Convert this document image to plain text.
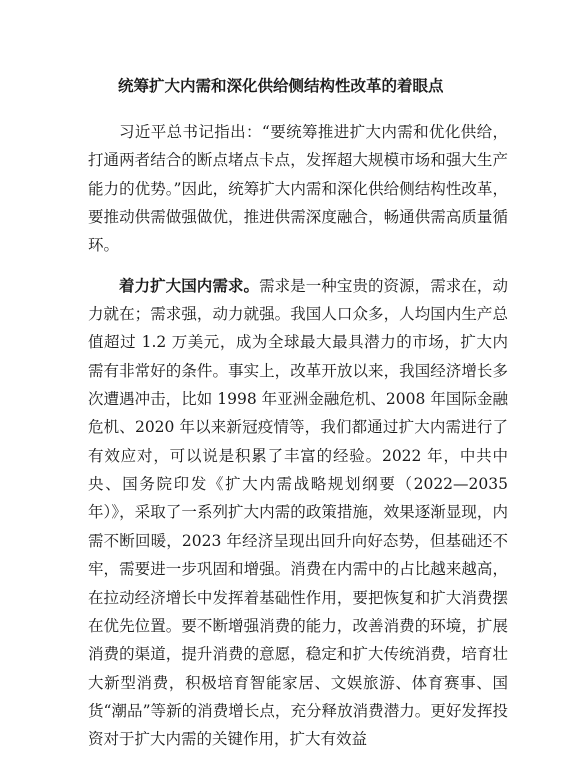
统筹扩大内需和深化供给侧结构性改革的着眼点

习近平总书记指出：“要统筹推进扩大内需和优化供给，打通两者结合的断点堵点卡点，发挥超大规模市场和强大生产能力的优势。”因此，统筹扩大内需和深化供给侧结构性改革，要推动供需做强做优，推进供需深度融合，畅通供需高质量循环。

着力扩大国内需求。需求是一种宝贵的资源，需求在，动力就在；需求强，动力就强。我国人口众多，人均国内生产总值超过 1.2 万美元，成为全球最大最具潜力的市场，扩大内需有非常好的条件。事实上，改革开放以来，我国经济增长多次遭遇冲击，比如 1998 年亚洲金融危机、2008 年国际金融危机、2020 年以来新冠疫情等，我们都通过扩大内需进行了有效应对，可以说是积累了丰富的经验。2022 年，中共中央、国务院印发《扩大内需战略规划纲要（2022—2035 年）》，采取了一系列扩大内需的政策措施，效果逐渐显现，内需不断回暖，2023 年经济呈现出回升向好态势，但基础还不牢，需要进一步巩固和增强。消费在内需中的占比越来越高，在拉动经济增长中发挥着基础性作用，要把恢复和扩大消费摆在优先位置。要不断增强消费的能力，改善消费的环境，扩展消费的渠道，提升消费的意愿，稳定和扩大传统消费，培育壮大新型消费，积极培育智能家居、文娱旅游、体育赛事、国货“潮品”等新的消费增长点，充分释放消费潜力。更好发挥投资对于扩大内需的关键作用，扩大有效益
